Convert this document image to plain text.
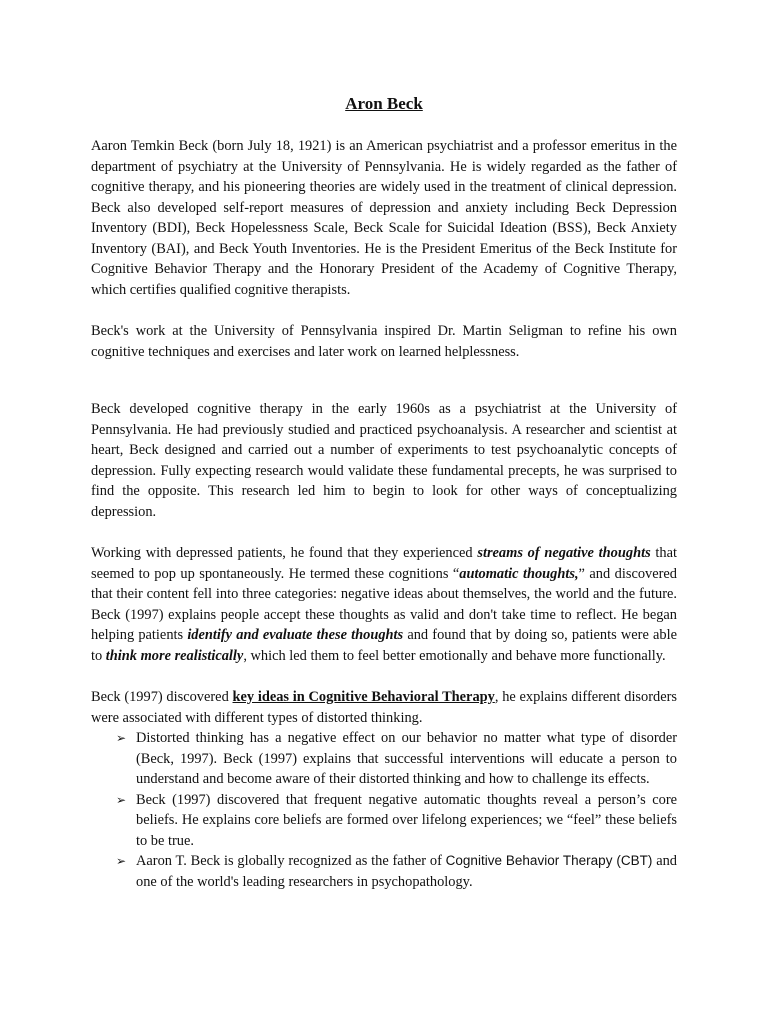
Aron Beck

Aaron Temkin Beck (born July 18, 1921) is an American psychiatrist and a professor emeritus in the department of psychiatry at the University of Pennsylvania. He is widely regarded as the father of cognitive therapy, and his pioneering theories are widely used in the treatment of clinical depression. Beck also developed self-report measures of depression and anxiety including Beck Depression Inventory (BDI), Beck Hopelessness Scale, Beck Scale for Suicidal Ideation (BSS), Beck Anxiety Inventory (BAI), and Beck Youth Inventories. He is the President Emeritus of the Beck Institute for Cognitive Behavior Therapy and the Honorary President of the Academy of Cognitive Therapy, which certifies qualified cognitive therapists.

Beck's work at the University of Pennsylvania inspired Dr. Martin Seligman to refine his own cognitive techniques and exercises and later work on learned helplessness.

Beck developed cognitive therapy in the early 1960s as a psychiatrist at the University of Pennsylvania. He had previously studied and practiced psychoanalysis. A researcher and scientist at heart, Beck designed and carried out a number of experiments to test psychoanalytic concepts of depression. Fully expecting research would validate these fundamental precepts, he was surprised to find the opposite. This research led him to begin to look for other ways of conceptualizing depression.

Working with depressed patients, he found that they experienced streams of negative thoughts that seemed to pop up spontaneously. He termed these cognitions “automatic thoughts,” and discovered that their content fell into three categories: negative ideas about themselves, the world and the future. Beck (1997) explains people accept these thoughts as valid and don't take time to reflect. He began helping patients identify and evaluate these thoughts and found that by doing so, patients were able to think more realistically, which led them to feel better emotionally and behave more functionally.

Beck (1997) discovered key ideas in Cognitive Behavioral Therapy, he explains different disorders were associated with different types of distorted thinking.

➢ Distorted thinking has a negative effect on our behavior no matter what type of disorder (Beck, 1997). Beck (1997) explains that successful interventions will educate a person to understand and become aware of their distorted thinking and how to challenge its effects.
➢ Beck (1997) discovered that frequent negative automatic thoughts reveal a person’s core beliefs. He explains core beliefs are formed over lifelong experiences; we “feel” these beliefs to be true.
➢ Aaron T. Beck is globally recognized as the father of Cognitive Behavior Therapy (CBT) and one of the world's leading researchers in psychopathology.
